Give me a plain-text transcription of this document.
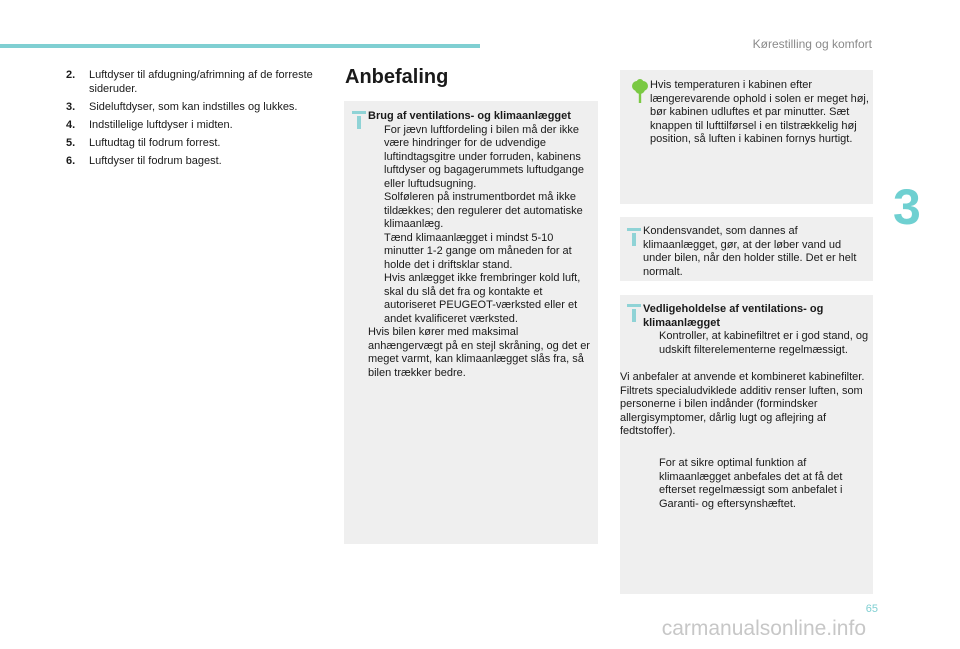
Kørestilling og komfort
3
65
carmanualsonline.info
2.	Luftdyser til afdugning/afrimning af de forreste sideruder.
3.	Sideluftdyser, som kan indstilles og lukkes.
4.	Indstillelige luftdyser i midten.
5.	Luftudtag til fodrum forrest.
6.	Luftdyser til fodrum bagest.
Anbefaling

Brug af ventilations- og klimaanlægget

For jævn luftfordeling i bilen må der ikke være hindringer for de udvendige luftindtagsgitre under forruden, kabinens luftdyser og bagagerummets luftudgange eller luftudsugning.
Solføleren på instrumentbordet må ikke tildækkes; den regulerer det automatiske klimaanlæg.
Tænd klimaanlægget i mindst 5-10 minutter 1-2 gange om måneden for at holde det i driftsklar stand.
Hvis anlægget ikke frembringer kold luft, skal du slå det fra og kontakte et autoriseret PEUGEOT-værksted eller et andet kvalificeret værksted.

Hvis bilen kører med maksimal anhængervægt på en stejl skråning, og det er meget varmt, kan klimaanlægget slås fra, så bilen trækker bedre.

Hvis temperaturen i kabinen efter længerevarende ophold i solen er meget høj, bør kabinen udluftes et par minutter. Sæt knappen til lufttilførsel i en tilstrækkelig høj position, så luften i kabinen fornys hurtigt.
Kondensvandet, som dannes af klimaanlægget, gør, at der løber vand ud under bilen, når den holder stille. Det er helt normalt.

Vedligeholdelse af ventilations- og klimaanlægget

Kontroller, at kabinefiltret er i god stand, og udskift filterelementerne regelmæssigt.
Vi anbefaler at anvende et kombineret kabinefilter. Filtrets specialudviklede additiv renser luften, som personerne i bilen indånder (formindsker allergisymptomer, dårlig lugt og aflejring af fedtstoffer).
For at sikre optimal funktion af klimaanlægget anbefales det at få det efterset regelmæssigt som anbefalet i Garanti- og eftersynshæftet.
